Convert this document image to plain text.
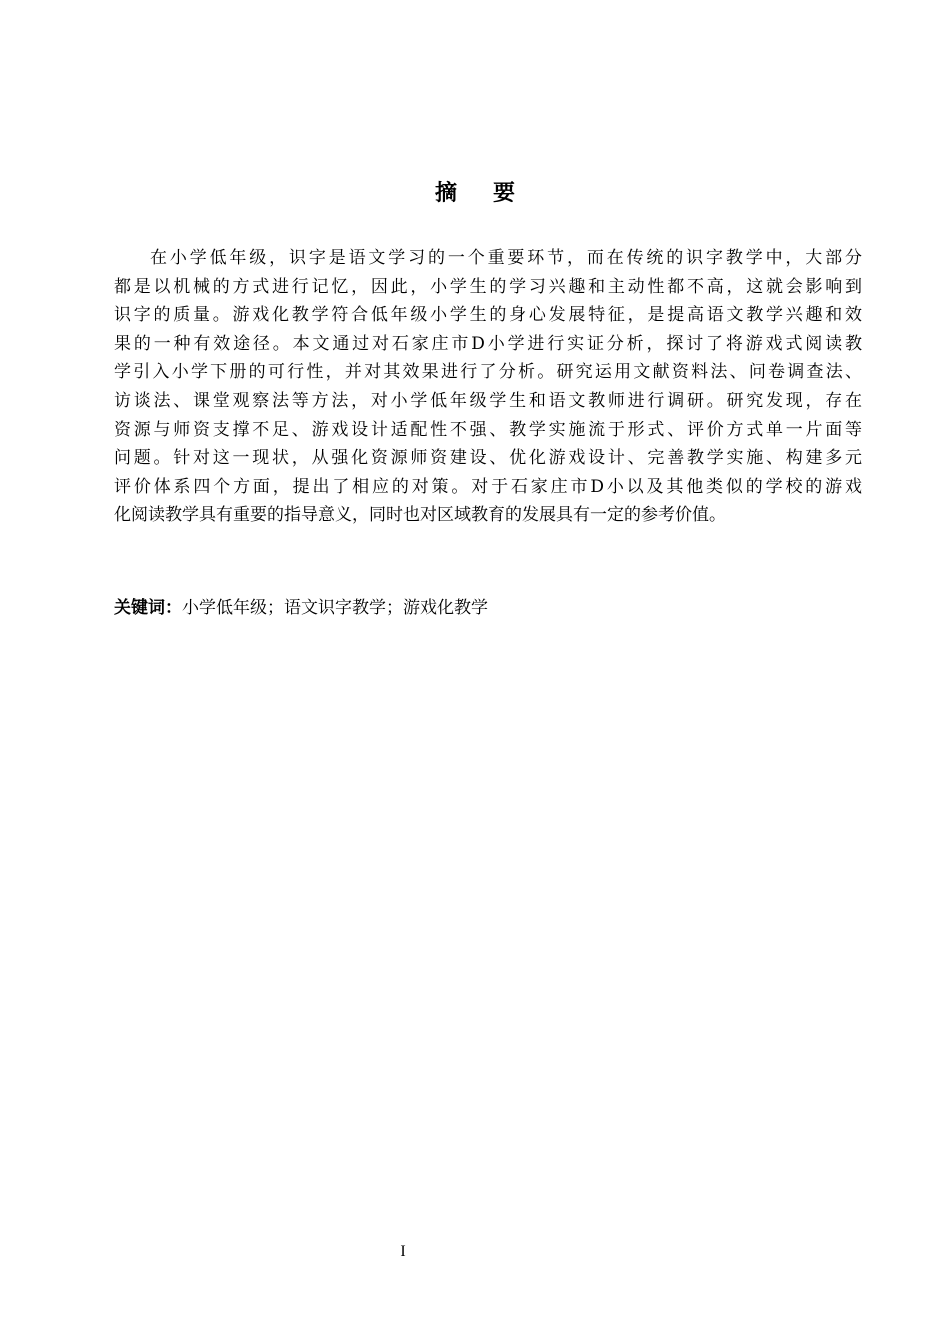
摘 要
在小学低年级，识字是语文学习的一个重要环节，而在传统的识字教学中，大部分
都是以机械的方式进行记忆，因此，小学生的学习兴趣和主动性都不高，这就会影响到
识字的质量。游戏化教学符合低年级小学生的身心发展特征，是提高语文教学兴趣和效
果的一种有效途径。本文通过对石家庄市D小学进行实证分析，探讨了将游戏式阅读教
学引入小学下册的可行性，并对其效果进行了分析。研究运用文献资料法、问卷调查法、
访谈法、课堂观察法等方法，对小学低年级学生和语文教师进行调研。研究发现，存在
资源与师资支撑不足、游戏设计适配性不强、教学实施流于形式、评价方式单一片面等
问题。针对这一现状，从强化资源师资建设、优化游戏设计、完善教学实施、构建多元
评价体系四个方面，提出了相应的对策。对于石家庄市D小以及其他类似的学校的游戏
化阅读教学具有重要的指导意义，同时也对区域教育的发展具有一定的参考价值。
关键词：小学低年级；语文识字教学；游戏化教学
I
